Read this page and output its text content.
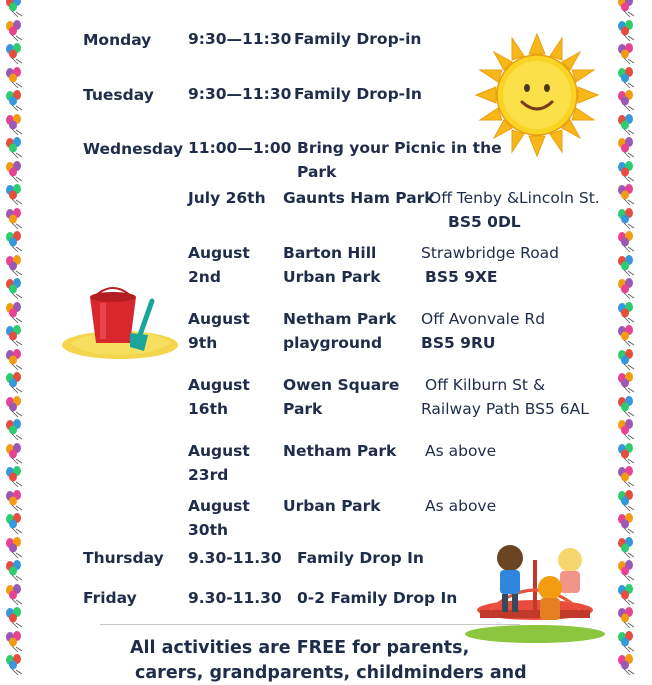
Monday 9:30—11:30 Family Drop-in
Tuesday 9:30—11:30 Family Drop-In
Wednesday 11:00—1:00 Bring your Picnic in the
Park
July 26th Gaunts Ham Park
Off Tenby &Lincoln St.
BS5 0DL
August
2nd
Barton Hill
Urban Park
Strawbridge Road
BS5 9XE
August
9th
Netham Park
playground
Off Avonvale Rd
BS5 9RU
August
16th
Owen Square
Park
Off Kilburn St &
Railway Path BS5 6AL
August
23rd
Netham Park As above
August
30th
Urban Park	As above
Thursday 9.30-11.30 Family Drop In
Friday	9.30-11.30 0-2 Family Drop In
All activities are FREE for parents,
carers, grandparents, childminders and
